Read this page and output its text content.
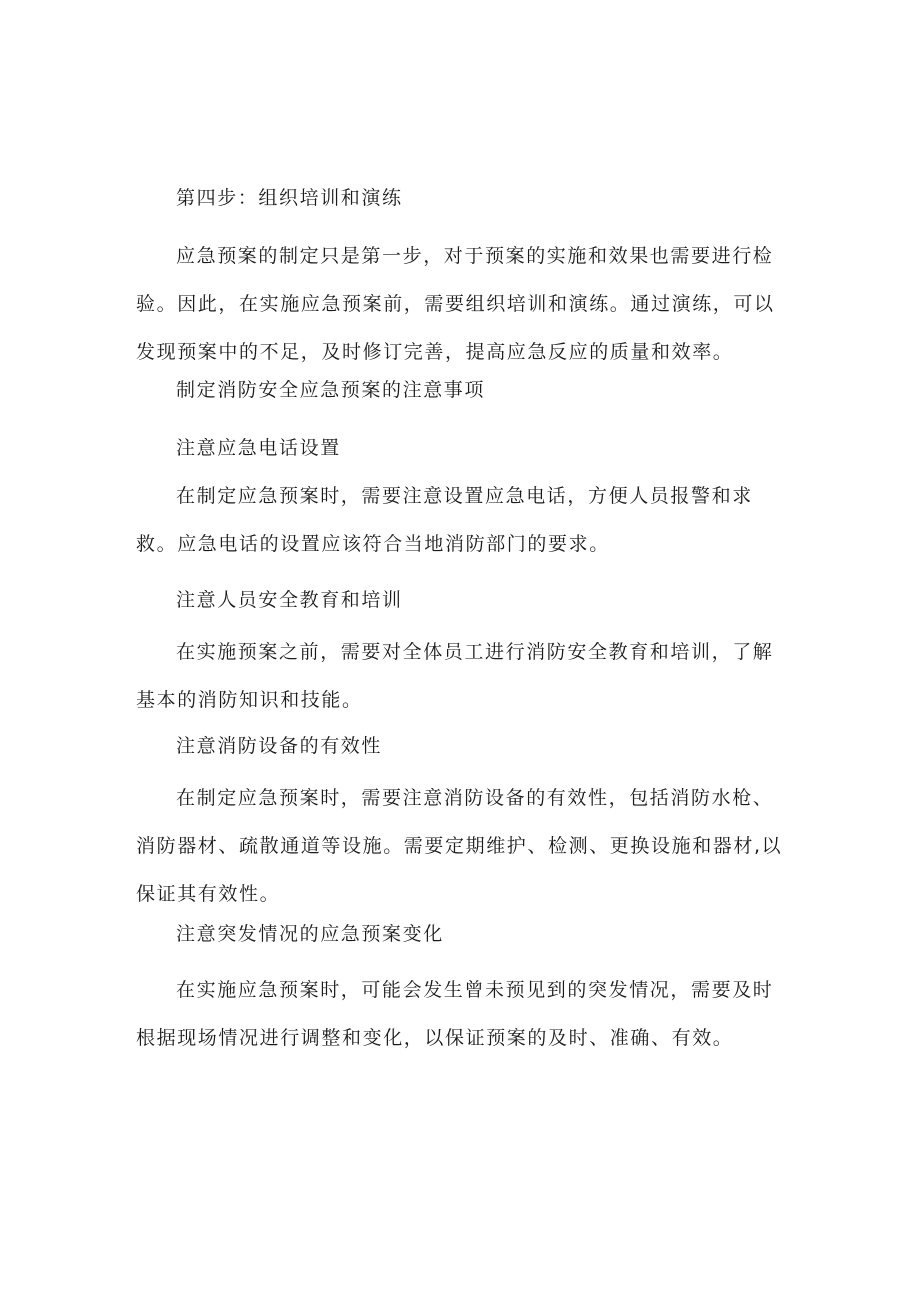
第四步：组织培训和演练

应急预案的制定只是第一步，对于预案的实施和效果也需要进行检验。因此，在实施应急预案前，需要组织培训和演练。通过演练，可以发现预案中的不足，及时修订完善，提高应急反应的质量和效率。

制定消防安全应急预案的注意事项

注意应急电话设置

在制定应急预案时，需要注意设置应急电话，方便人员报警和求救。应急电话的设置应该符合当地消防部门的要求。

注意人员安全教育和培训

在实施预案之前，需要对全体员工进行消防安全教育和培训，了解基本的消防知识和技能。

注意消防设备的有效性

在制定应急预案时，需要注意消防设备的有效性，包括消防水枪、消防器材、疏散通道等设施。需要定期维护、检测、更换设施和器材,以保证其有效性。

注意突发情况的应急预案变化

在实施应急预案时，可能会发生曾未预见到的突发情况，需要及时根据现场情况进行调整和变化，以保证预案的及时、准确、有效。
